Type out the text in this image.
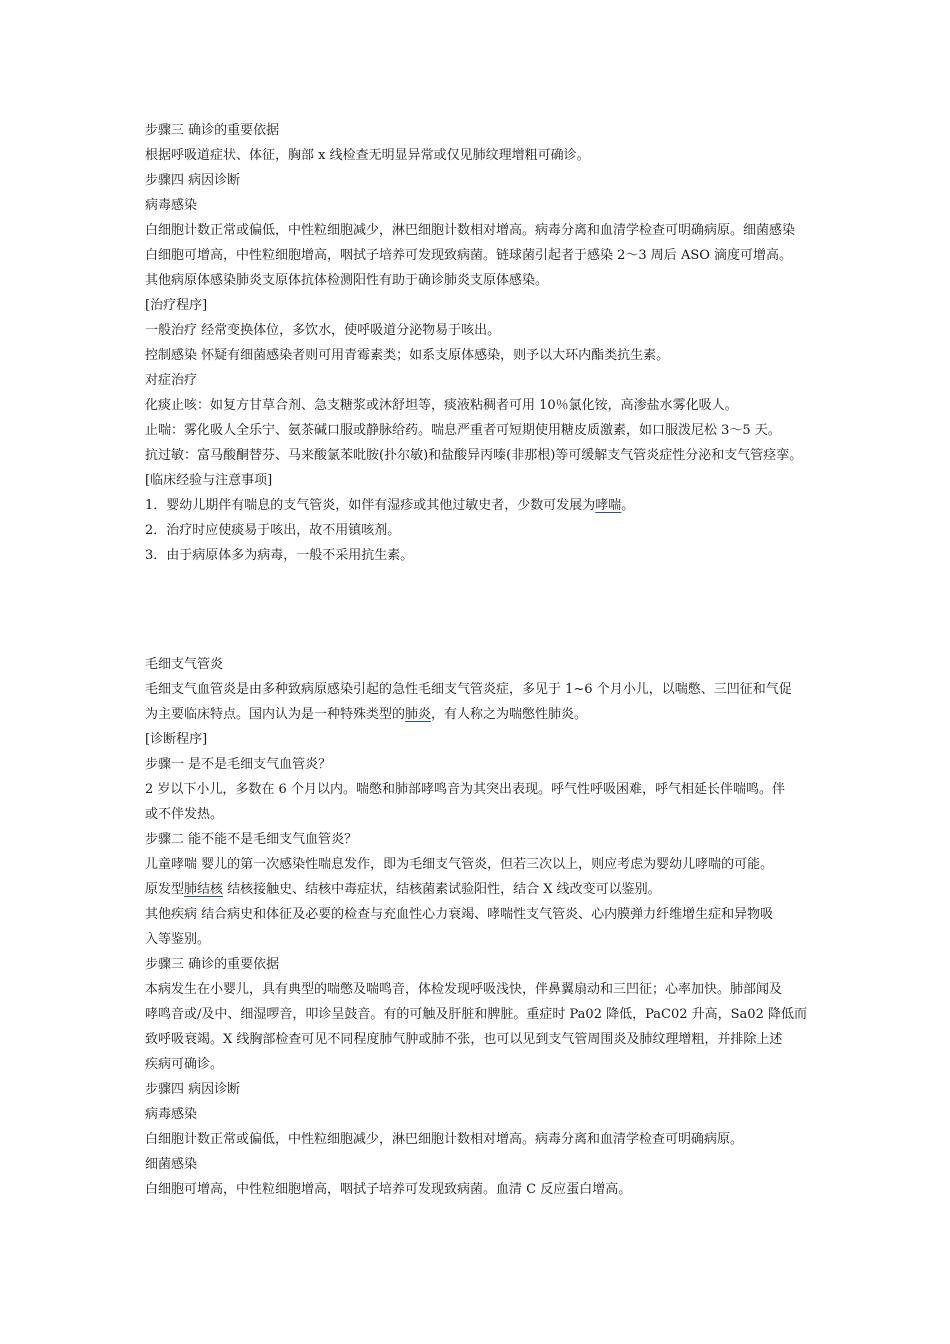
步骤三 确诊的重要依据

根据呼吸道症状、体征，胸部 x 线检查无明显异常或仅见肺纹理增粗可确诊。

步骤四 病因诊断

病毒感染

白细胞计数正常或偏低，中性粒细胞减少，淋巴细胞计数相对增高。病毒分离和血清学检查可明确病原。细菌感染

白细胞可增高，中性粒细胞增高，咽拭子培养可发现致病菌。链球菌引起者于感染 2～3 周后 ASO 滴度可增高。

其他病原体感染肺炎支原体抗体检测阳性有助于确诊肺炎支原体感染。

[治疗程序]

一般治疗 经常变换体位，多饮水，使呼吸道分泌物易于咳出。

控制感染 怀疑有细菌感染者则可用青霉素类；如系支原体感染，则予以大环内酯类抗生素。

对症治疗

化痰止咳：如复方甘草合剂、急支糖浆或沐舒坦等，痰液粘稠者可用 10％氯化铵，高渗盐水雾化吸人。

止喘：雾化吸人全乐宁、氨茶碱口服或静脉给药。喘息严重者可短期使用糖皮质激素，如口服泼尼松 3～5 天。

抗过敏：富马酸酮替芬、马来酸氯苯吡胺(扑尔敏)和盐酸异丙嗪(非那根)等可缓解支气管炎症性分泌和支气管痉挛。

[临床经验与注意事项]

1．婴幼儿期伴有喘息的支气管炎，如伴有湿疹或其他过敏史者，少数可发展为哮喘。

2．治疗时应使痰易于咳出，故不用镇咳剂。

3．由于病原体多为病毒，一般不采用抗生素。

毛细支气管炎

毛细支气血管炎是由多种致病原感染引起的急性毛细支气管炎症，多见于 1~6 个月小儿，以喘憋、三凹征和气促

为主要临床特点。国内认为是一种特殊类型的肺炎，有人称之为喘憋性肺炎。

[诊断程序]

步骤一 是不是毛细支气血管炎？

2 岁以下小儿，多数在 6 个月以内。喘憋和肺部哮鸣音为其突出表现。呼气性呼吸困难，呼气相延长伴喘鸣。伴

或不伴发热。

步骤二 能不能不是毛细支气血管炎？

儿童哮喘 婴儿的第一次感染性喘息发作，即为毛细支气管炎，但若三次以上，则应考虑为婴幼儿哮喘的可能。

原发型肺结核 结核接触史、结核中毒症状，结核菌素试验阳性，结合 X 线改变可以鉴别。

其他疾病 结合病史和体征及必要的检查与充血性心力衰竭、哮喘性支气管炎、心内膜弹力纤维增生症和异物吸

入等鉴别。

步骤三 确诊的重要依据

本病发生在小婴儿，具有典型的喘憋及喘鸣音，体检发现呼吸浅快，伴鼻翼扇动和三凹征；心率加快。肺部闻及

哮鸣音或/及中、细湿啰音，叩诊呈鼓音。有的可触及肝脏和脾脏。重症时 Pa02 降低，PaC02 升高，Sa02 降低而

致呼吸衰竭。X 线胸部检查可见不同程度肺气肿或肺不张，也可以见到支气管周围炎及肺纹理增粗，并排除上述

疾病可确诊。

步骤四 病因诊断

病毒感染

白细胞计数正常或偏低，中性粒细胞减少，淋巴细胞计数相对增高。病毒分离和血清学检查可明确病原。

细菌感染

白细胞可增高，中性粒细胞增高，咽拭子培养可发现致病菌。血清 C 反应蛋白增高。
